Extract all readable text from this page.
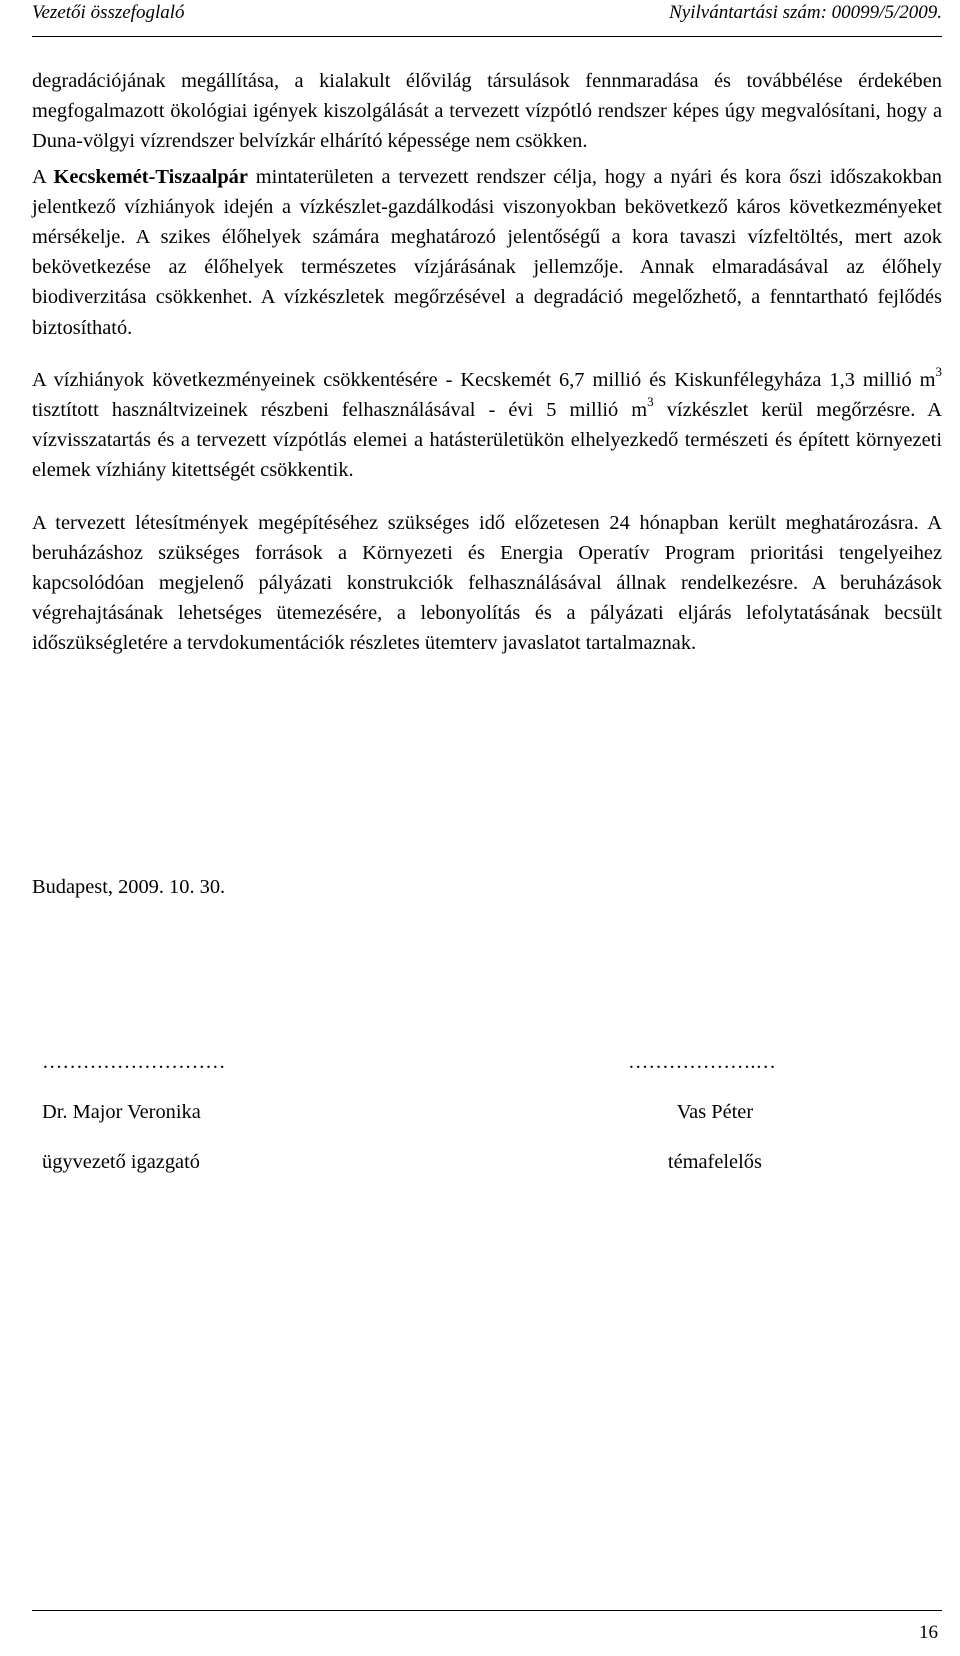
Vezetői összefoglaló	Nyilvántartási szám: 00099/5/2009.

degradációjának megállítása, a kialakult élővilág társulások fennmaradása és továbbélése érdekében megfogalmazott ökológiai igények kiszolgálását a tervezett vízpótló rendszer képes úgy megvalósítani, hogy a Duna-völgyi vízrendszer belvízkár elhárító képessége nem csökken.

A Kecskemét-Tiszaalpár mintaterületen a tervezett rendszer célja, hogy a nyári és kora őszi időszakokban jelentkező vízhiányok idején a vízkészlet-gazdálkodási viszonyokban bekövetkező káros következményeket mérsékelje. A szikes élőhelyek számára meghatározó jelentőségű a kora tavaszi vízfeltöltés, mert azok bekövetkezése az élőhelyek természetes vízjárásának jellemzője. Annak elmaradásával az élőhely biodiverzitása csökkenhet. A vízkészletek megőrzésével a degradáció megelőzhető, a fenntartható fejlődés biztosítható.

A vízhiányok következményeinek csökkentésére - Kecskemét 6,7 millió és Kiskunfélegyháza 1,3 millió $m^3$ tisztított használtvizeinek részbeni felhasználásával - évi 5 millió $m^3$ vízkészlet kerül megőrzésre. A vízvisszatartás és a tervezett vízpótlás elemei a hatásterületükön elhelyezkedő természeti és épített környezeti elemek vízhiány kitettségét csökkentik.

A tervezett létesítmények megépítéséhez szükséges idő előzetesen 24 hónapban került meghatározásra. A beruházáshoz szükséges források a Környezeti és Energia Operatív Program prioritási tengelyeihez kapcsolódóan megjelenő pályázati konstrukciók felhasználásával állnak rendelkezésre. A beruházások végrehajtásának lehetséges ütemezésére, a lebonyolítás és a pályázati eljárás lefolytatásának becsült időszükségletére a tervdokumentációk részletes ütemterv javaslatot tartalmaznak.

Budapest, 2009. 10. 30.
………………………
Dr. Major Veronika
ügyvezető igazgató
……………….…
Vas Péter
témafelelős
16
